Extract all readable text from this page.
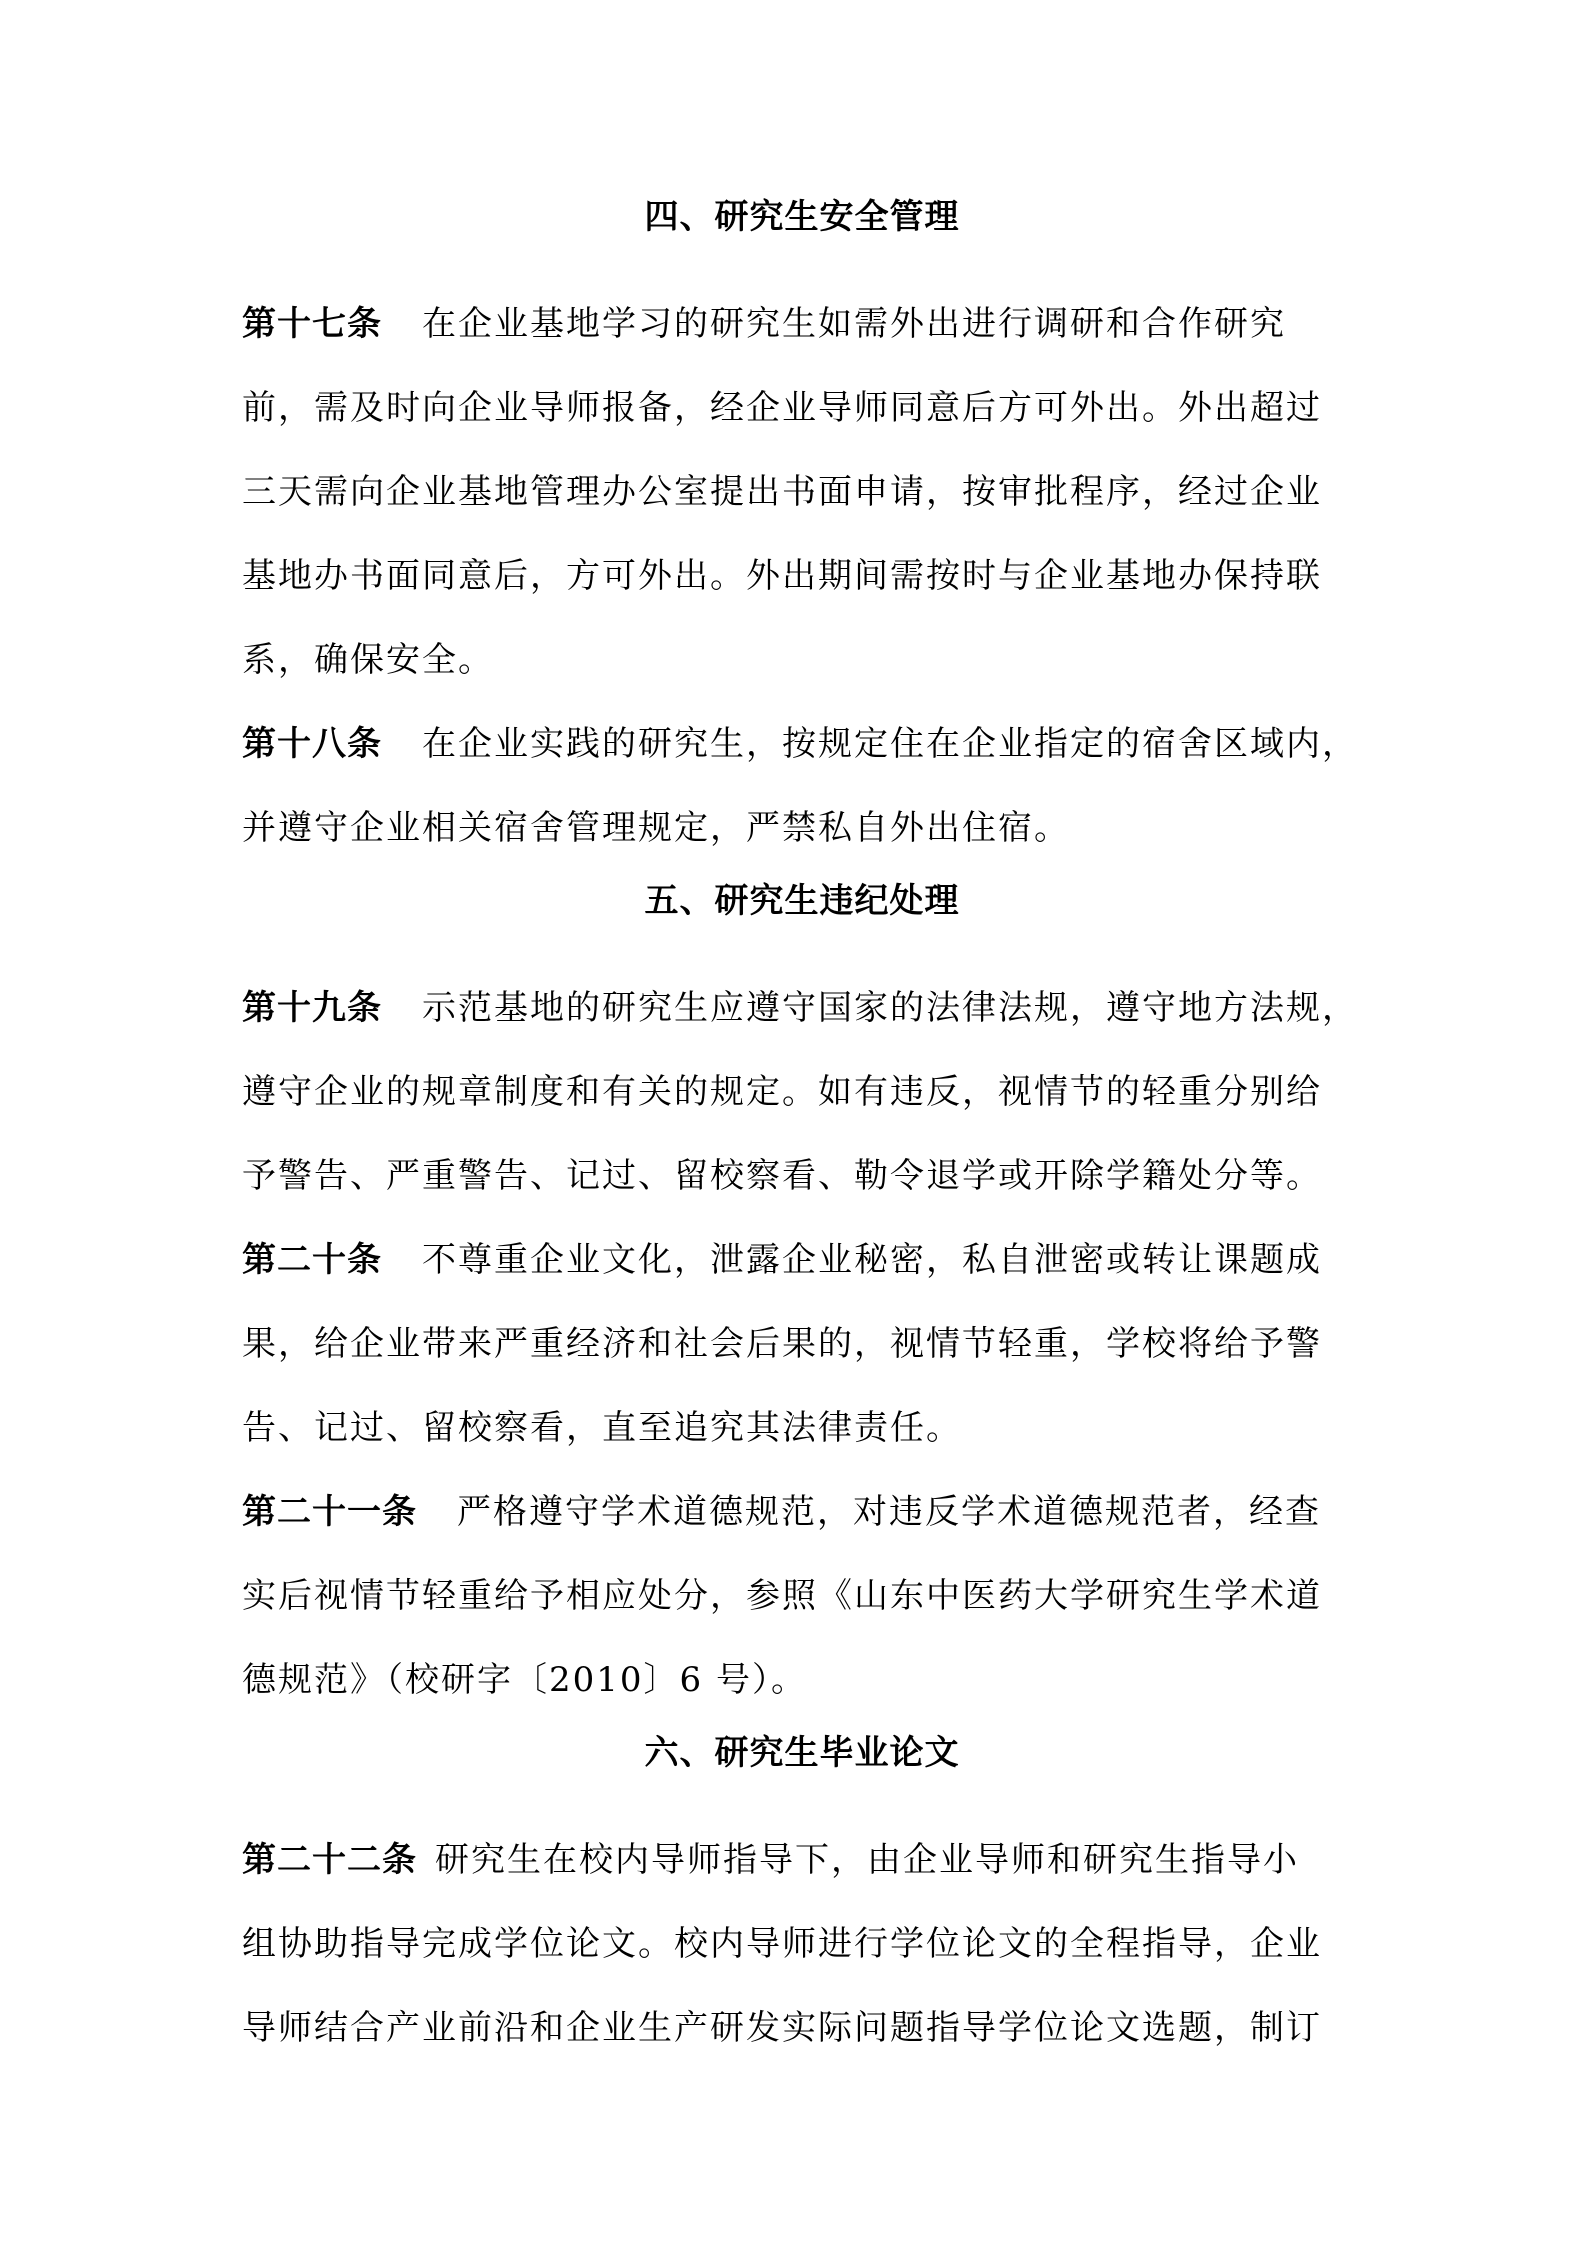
四、研究生安全管理
第十七条 在企业基地学习的研究生如需外出进行调研和合作研究
前，需及时向企业导师报备，经企业导师同意后方可外出。外出超过
三天需向企业基地管理办公室提出书面申请，按审批程序，经过企业
基地办书面同意后，方可外出。外出期间需按时与企业基地办保持联
系，确保安全。
第十八条 在企业实践的研究生，按规定住在企业指定的宿舍区域内，
并遵守企业相关宿舍管理规定，严禁私自外出住宿。
五、研究生违纪处理
第十九条 示范基地的研究生应遵守国家的法律法规，遵守地方法规，
遵守企业的规章制度和有关的规定。如有违反，视情节的轻重分别给
予警告、严重警告、记过、留校察看、勒令退学或开除学籍处分等。
第二十条 不尊重企业文化，泄露企业秘密，私自泄密或转让课题成
果，给企业带来严重经济和社会后果的，视情节轻重，学校将给予警
告、记过、留校察看，直至追究其法律责任。
第二十一条 严格遵守学术道德规范，对违反学术道德规范者，经查
实后视情节轻重给予相应处分，参照《山东中医药大学研究生学术道
德规范》（校研字〔2010〕6 号）。
六、研究生毕业论文
第二十二条 研究生在校内导师指导下，由企业导师和研究生指导小
组协助指导完成学位论文。校内导师进行学位论文的全程指导，企业
导师结合产业前沿和企业生产研发实际问题指导学位论文选题，制订
